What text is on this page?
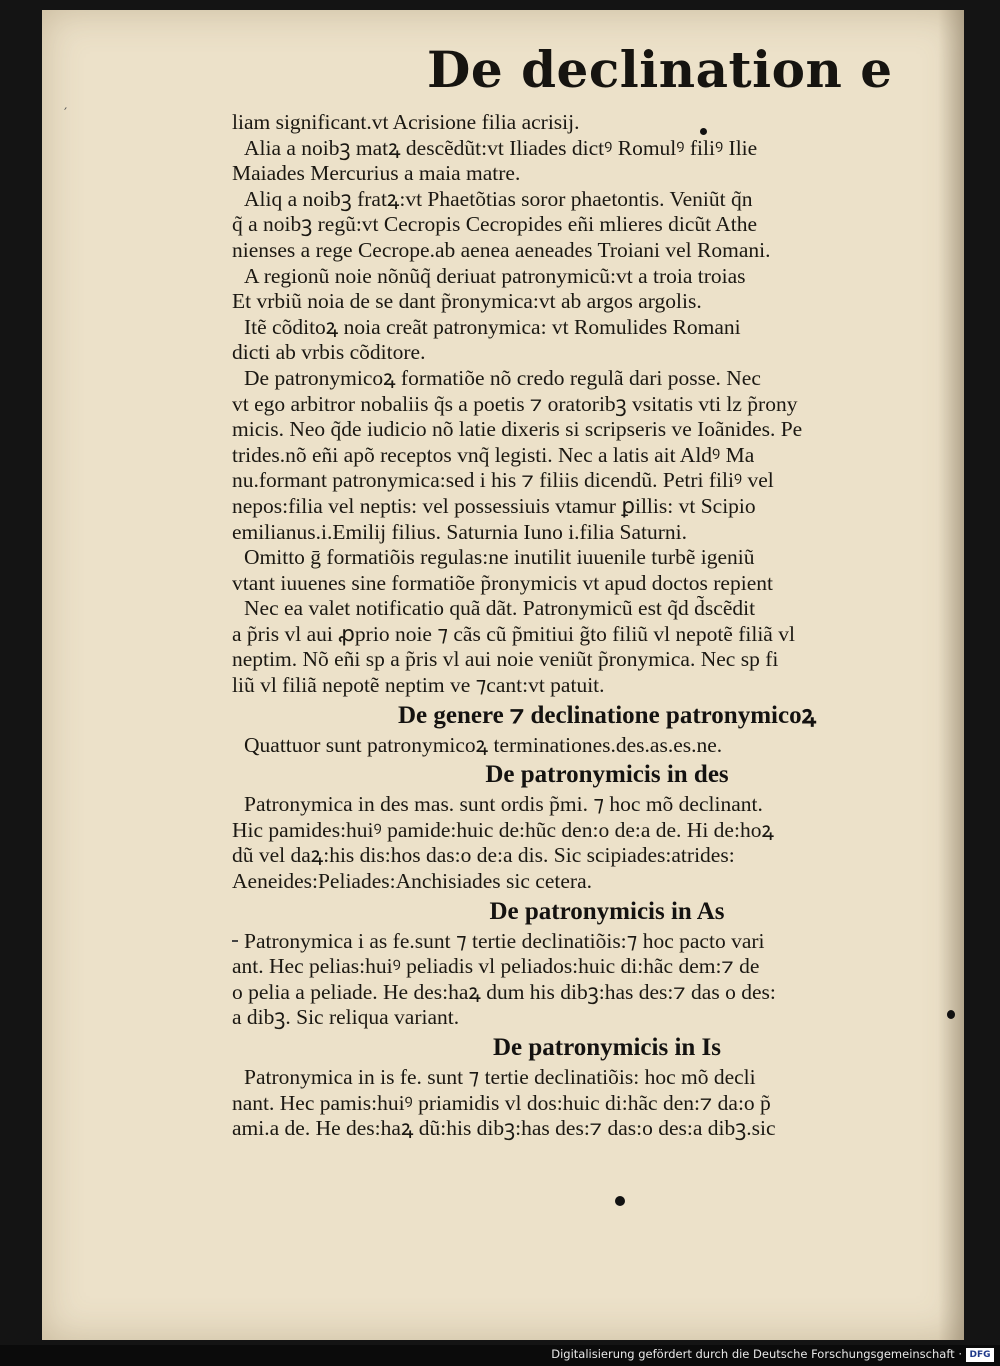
′
De declination e
liam significant.vt Acrisione filia acrisij.
Alia a noibꝫ matꝝ descẽdũt:vt Iliades dictꝰ Romulꝰ filiꝰ Ilie
Maiades Mercurius a maia matre.
Aliq a noibꝫ fratꝝ:vt Phaetõtias soror phaetontis. Veniũt q̃n
q̃ a noibꝫ regũ:vt Cecropis Cecropides eñi mlieres dicũt Athe
nienses a rege Cecrope.ab aenea aeneades Troiani vel Romani.
A regionũ noie nõnũq̃ deriuat patronymicũ:vt a troia troias
Et vrbiũ noia de se dant p̃ronymica:vt ab argos argolis.
Itẽ cõditoꝝ noia creãt patronymica: vt Romulides Romani
dicti ab vrbis cõditore.
De patronymicoꝝ formatiõe nõ credo regulã dari posse. Nec
vt ego arbitror nobaliis q̃s a poetis ⁊ oratoribꝫ vsitatis vti lz p̃rony
micis. Neo q̃de iudicio nõ latie dixeris si scripseris ve Ioãnides. Pe
trides.nõ eñi apõ receptos vnq̃ legisti. Nec a latis ait Aldꝰ Ma
nu.formant patronymica:sed i his ⁊ filiis dicendũ. Petri filiꝰ vel
nepos:filia vel neptis: vel possessiuis vtamur ꝑillis: vt Scipio
emilianus.i.Emilij filius. Saturnia Iuno i.filia Saturni.
Omitto ḡ formatiõis regulas:ne inutilit iuuenile turbẽ igeniũ
vtant iuuenes sine formatiõe p̃ronymicis vt apud doctos repient
Nec ea valet notificatio quã dãt. Patronymicũ est q̃d d̃scẽdit
a p̃ris vl aui ꝓprio noie ⁊ cãs cũ p̃mitiui g̃to filiũ vl nepotẽ filiã vl
neptim. Nõ eñi sp a p̃ris vl aui noie veniũt p̃ronymica. Nec sp fi
liũ vl filiã nepotẽ neptim ve ⁊cant:vt patuit.
De genere ⁊ declinatione patronymicoꝝ
Quattuor sunt patronymicoꝝ terminationes.des.as.es.ne.
De patronymicis in des
Patronymica in des mas. sunt ordis p̃mi. ⁊ hoc mõ declinant.
Hic pamides:huiꝰ pamide:huic de:hũc den:o de:a de. Hi de:hoꝝ
dũ vel daꝝ:his dis:hos das:o de:a dis. Sic scipiades:atrides:
Aeneides:Peliades:Anchisiades sic cetera.
De patronymicis in As
Patronymica i as fe.sunt ⁊ tertie declinatiõis:⁊ hoc pacto vari
ant. Hec pelias:huiꝰ peliadis vl peliados:huic di:hãc dem:⁊ de
o pelia a peliade. He des:haꝝ dum his dibꝫ:has des:⁊ das o des:
a dibꝫ. Sic reliqua variant.
De patronymicis in Is
Patronymica in is fe. sunt ⁊ tertie declinatiõis: hoc mõ decli
nant. Hec pamis:huiꝰ priamidis vl dos:huic di:hãc den:⁊ da:o p̃
ami.a de. He des:haꝝ dũ:his dibꝫ:has des:⁊ das:o des:a dibꝫ.sic
Digitalisierung gefördert durch die Deutsche Forschungsgemeinschaft · DFG
